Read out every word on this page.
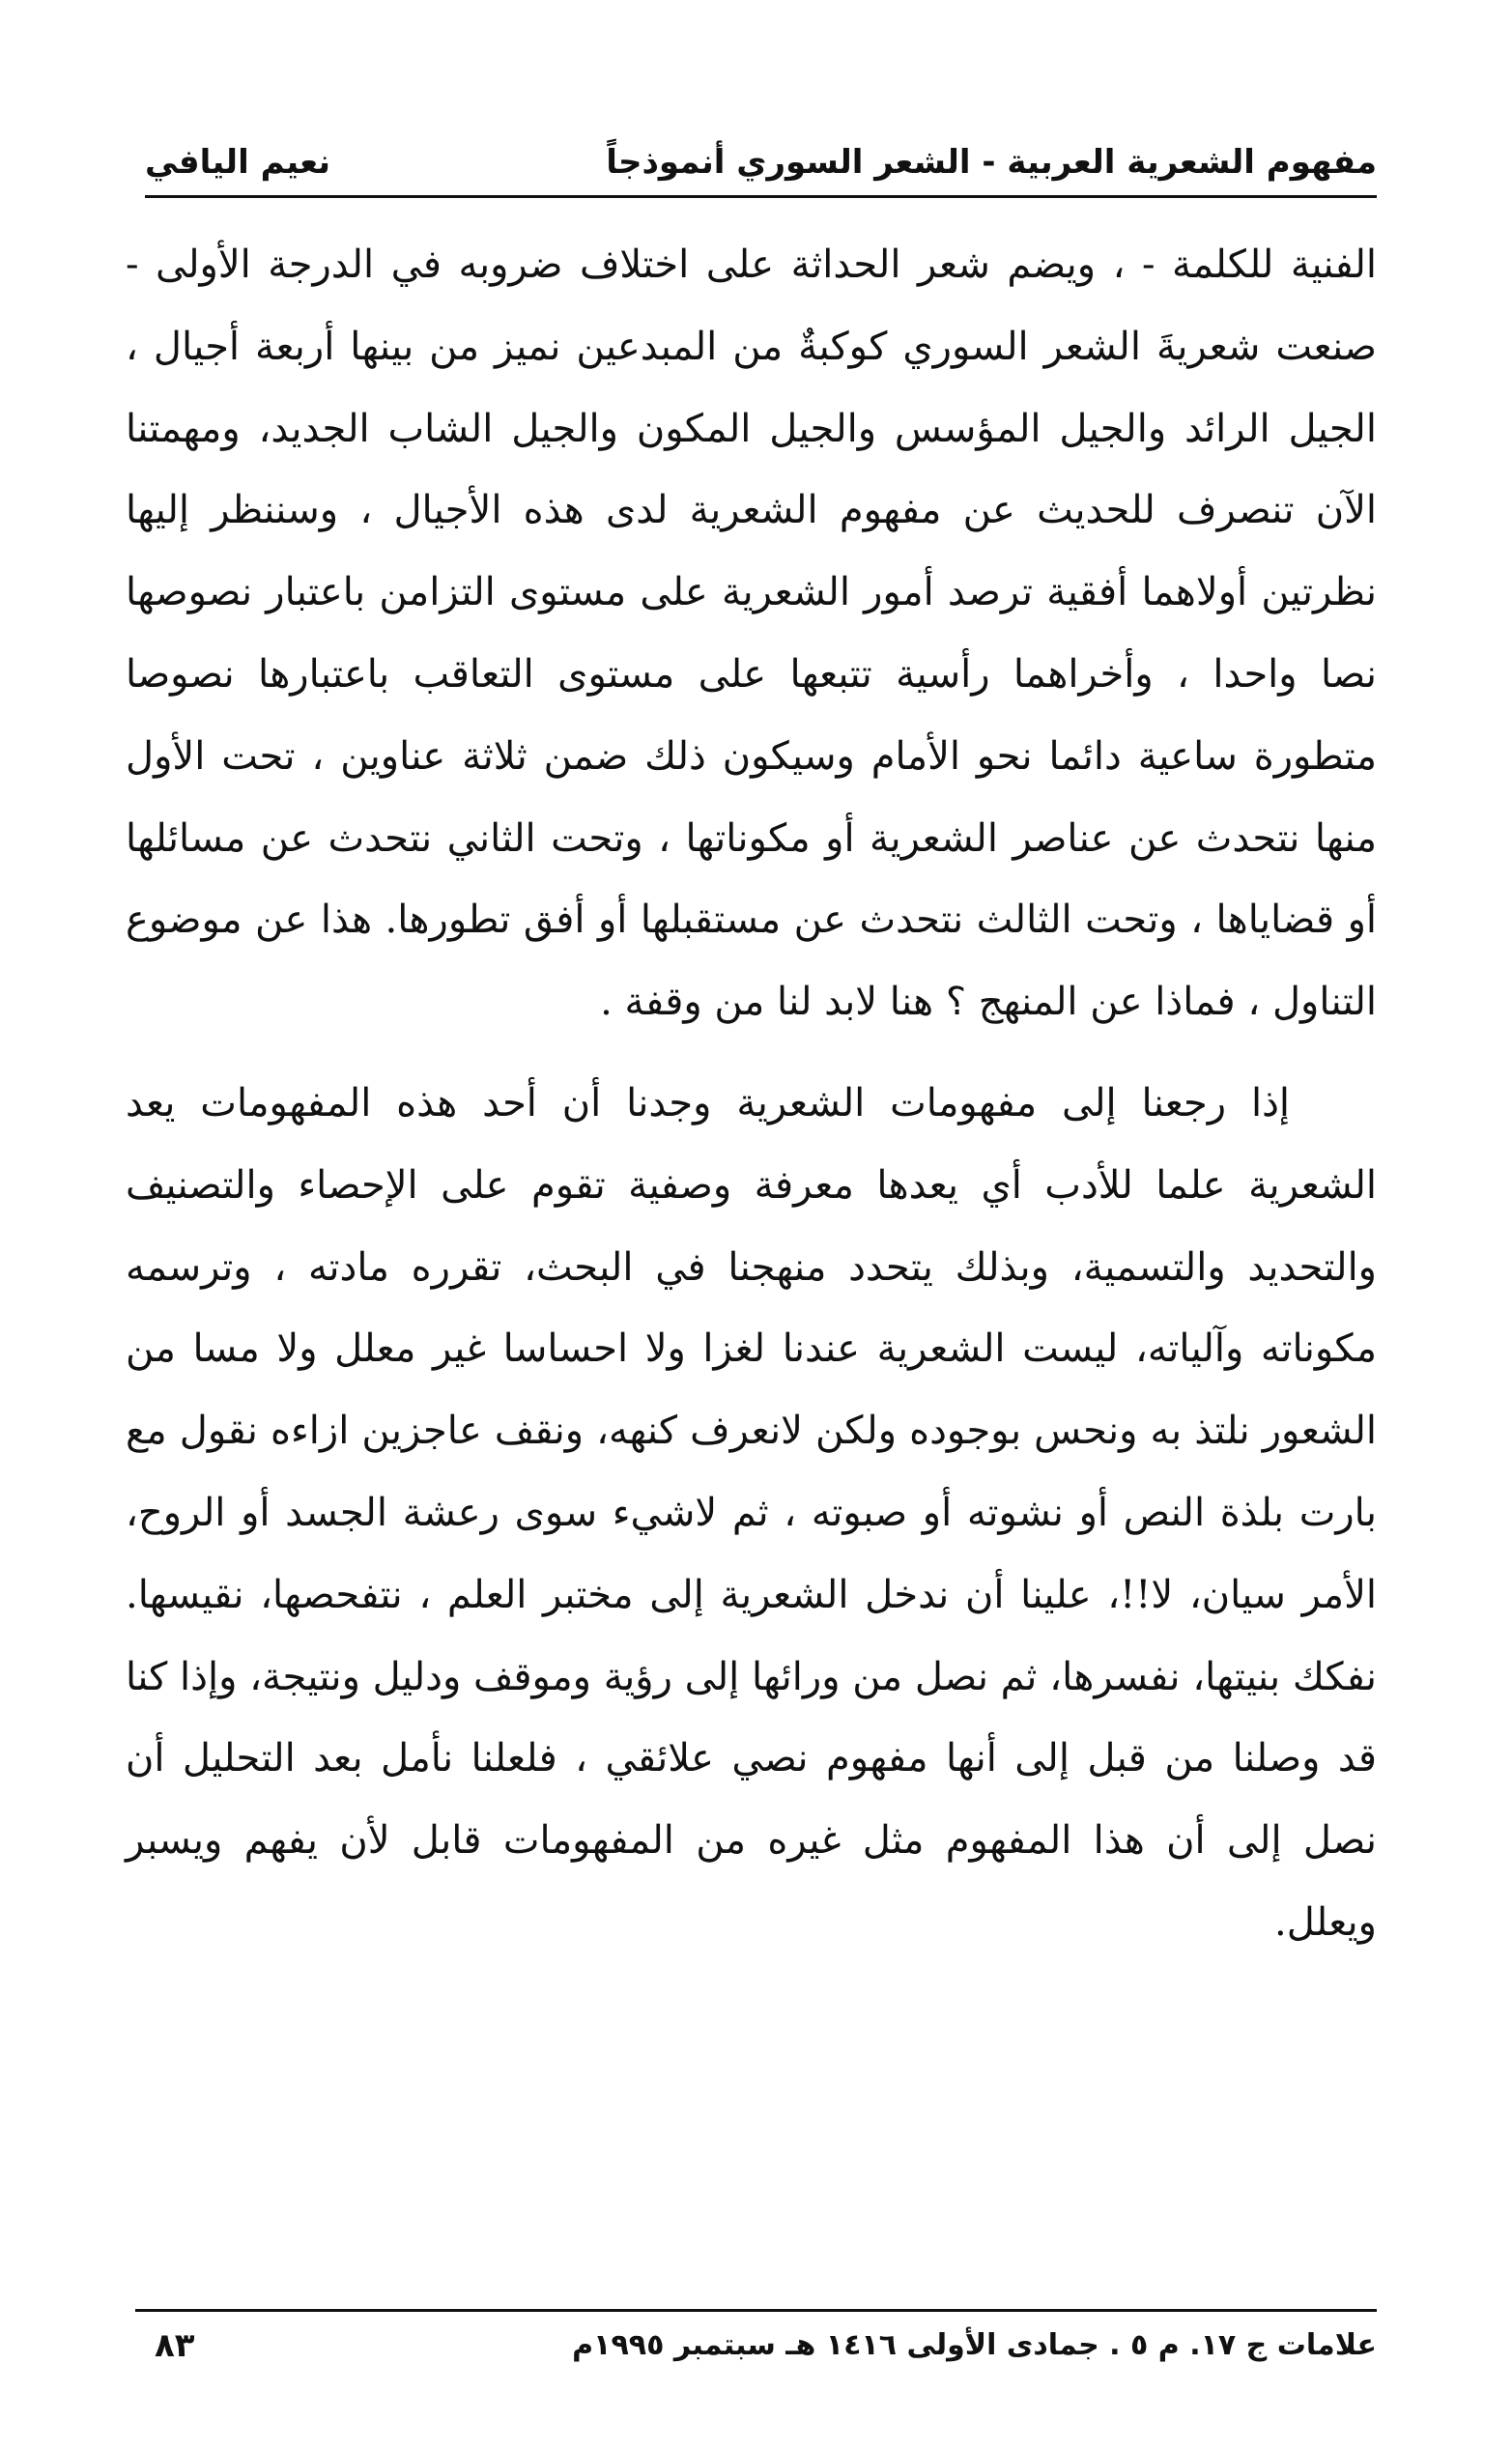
مفهوم الشعرية العربية - الشعر السوري أنموذجاً
نعيم اليافي

الفنية للكلمة - ، ويضم شعر الحداثة على اختلاف ضروبه في الدرجة الأولى - صنعت شعريةَ الشعر السوري كوكبةٌ من المبدعين نميز من بينها أربعة أجيال ، الجيل الرائد والجيل المؤسس والجيل المكون والجيل الشاب الجديد، ومهمتنا الآن تنصرف للحديث عن مفهوم الشعرية لدى هذه الأجيال ، وسننظر إليها نظرتين أولاهما أفقية ترصد أمور الشعرية على مستوى التزامن باعتبار نصوصها نصا واحدا ، وأخراهما رأسية تتبعها على مستوى التعاقب باعتبارها نصوصا متطورة ساعية دائما نحو الأمام وسيكون ذلك ضمن ثلاثة عناوين ، تحت الأول منها نتحدث عن عناصر الشعرية أو مكوناتها ، وتحت الثاني نتحدث عن مسائلها أو قضاياها ، وتحت الثالث نتحدث عن مستقبلها أو أفق تطورها. هذا عن موضوع التناول ، فماذا عن المنهج ؟ هنا لابد لنا من وقفة .

إذا رجعنا إلى مفهومات الشعرية وجدنا أن أحد هذه المفهومات يعد الشعرية علما للأدب أي يعدها معرفة وصفية تقوم على الإحصاء والتصنيف والتحديد والتسمية، وبذلك يتحدد منهجنا في البحث، تقرره مادته ، وترسمه مكوناته وآلياته، ليست الشعرية عندنا لغزا ولا احساسا غير معلل ولا مسا من الشعور نلتذ به ونحس بوجوده ولكن لانعرف كنهه، ونقف عاجزين ازاءه نقول مع بارت بلذة النص أو نشوته أو صبوته ، ثم لاشيء سوى رعشة الجسد أو الروح، الأمر سيان، لا!!، علينا أن ندخل الشعرية إلى مختبر العلم ، نتفحصها، نقيسها. نفكك بنيتها، نفسرها، ثم نصل من ورائها إلى رؤية وموقف ودليل ونتيجة، وإذا كنا قد وصلنا من قبل إلى أنها مفهوم نصي علائقي ، فلعلنا نأمل بعد التحليل أن نصل إلى أن هذا المفهوم مثل غيره من المفهومات قابل لأن يفهم ويسبر ويعلل.

علامات ج ١٧. م ٥ . جمادى الأولى ١٤١٦ هـ سبتمبر ١٩٩٥م
٨٣
